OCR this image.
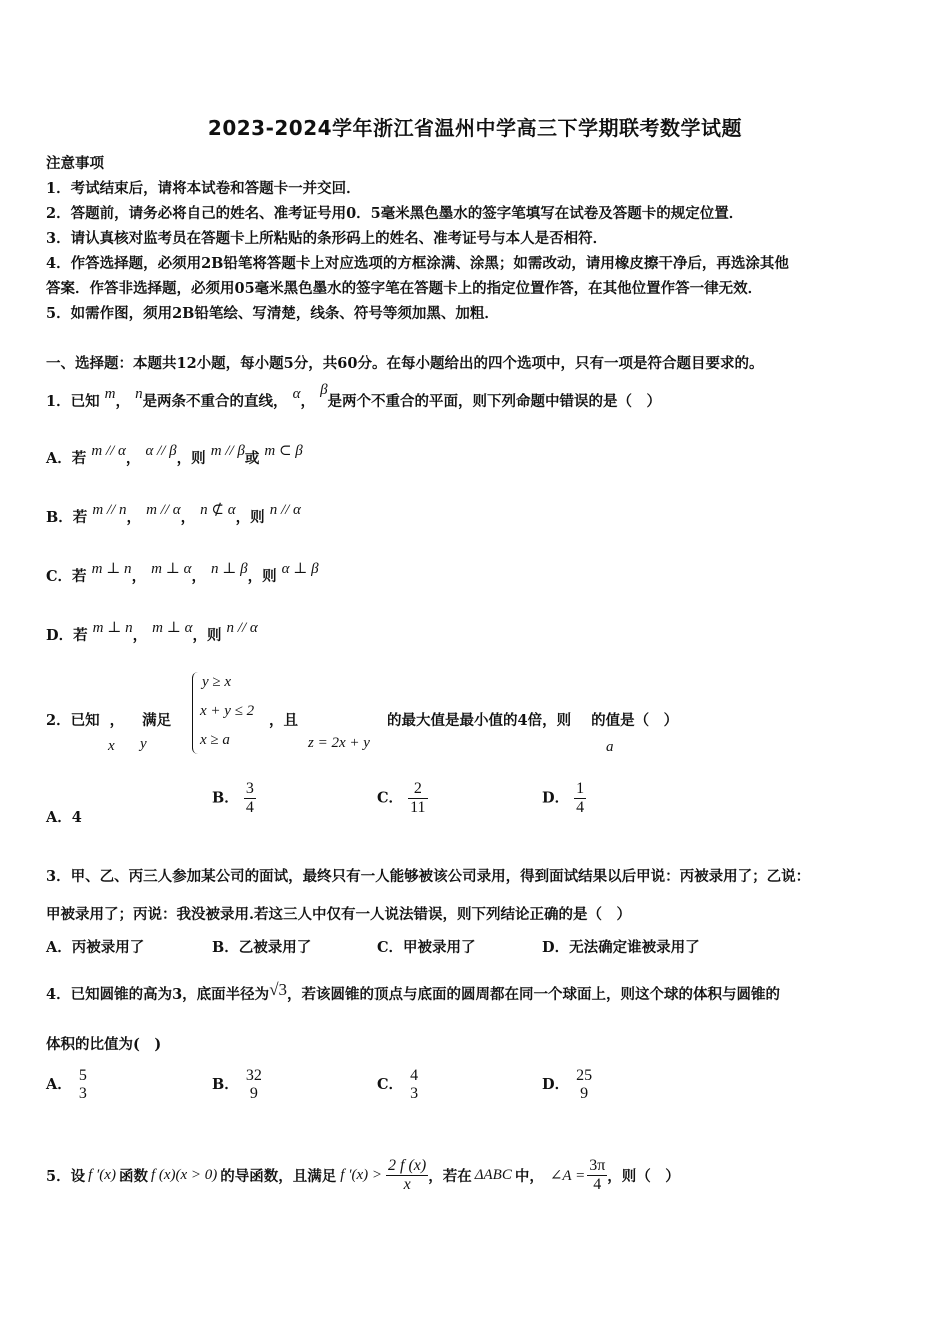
2023-2024学年浙江省温州中学高三下学期联考数学试题
注意事项
1．考试结束后，请将本试卷和答题卡一并交回．
2．答题前，请务必将自己的姓名、准考证号用0．5毫米黑色墨水的签字笔填写在试卷及答题卡的规定位置．
3．请认真核对监考员在答题卡上所粘贴的条形码上的姓名、准考证号与本人是否相符．
4．作答选择题，必须用2B铅笔将答题卡上对应选项的方框涂满、涂黑；如需改动，请用橡皮擦干净后，再选涂其他
答案．作答非选择题，必须用05毫米黑色墨水的签字笔在答题卡上的指定位置作答，在其他位置作答一律无效．
5．如需作图，须用2B铅笔绘、写清楚，线条、符号等须加黑、加粗．
一、选择题：本题共12小题，每小题5分，共60分。在每小题给出的四个选项中，只有一项是符合题目要求的。
1．已知 m， n是两条不重合的直线， α， β是两个不重合的平面，则下列命题中错误的是（　）
A．若 m // α， α // β，则 m // β或 m ⊂ β
B．若 m // n， m // α， n ⊄ α，则 n // α
C．若 m ⊥ n， m ⊥ α， n ⊥ β，则 α ⊥ β
D．若 m ⊥ n， m ⊥ α，则 n // α
2．已知 ， 满足
x y
y ≥ x
x + y ≤ 2
x ≥ a
，且
z = 2x + y
的最大值是最小值的4倍，则 的值是（　）
a
A．4
B． $\frac{3}{4}$	C． $\frac{2}{11}$	D． $\frac{1}{4}$
3．甲、乙、丙三人参加某公司的面试，最终只有一人能够被该公司录用，得到面试结果以后甲说：丙被录用了；乙说：
甲被录用了；丙说：我没被录用.若这三人中仅有一人说法错误，则下列结论正确的是（　）
A．丙被录用了	B．乙被录用了	C．甲被录用了	D．无法确定谁被录用了
4．已知圆锥的高为3，底面半径为√3，若该圆锥的顶点与底面的圆周都在同一个球面上，则这个球的体积与圆锥的
体积的比值为(　)
A．
5
3
B．
32
9
C．
4
3
D．
25
9
5．设 f ′(x) 函数 f (x)(x > 0) 的导函数，且满足 f $'(x) > \frac{2 f (x)}{x}$ ，若在 ΔABC 中， ∠A = $\frac{3\pi}{4}$ ，则（　）
